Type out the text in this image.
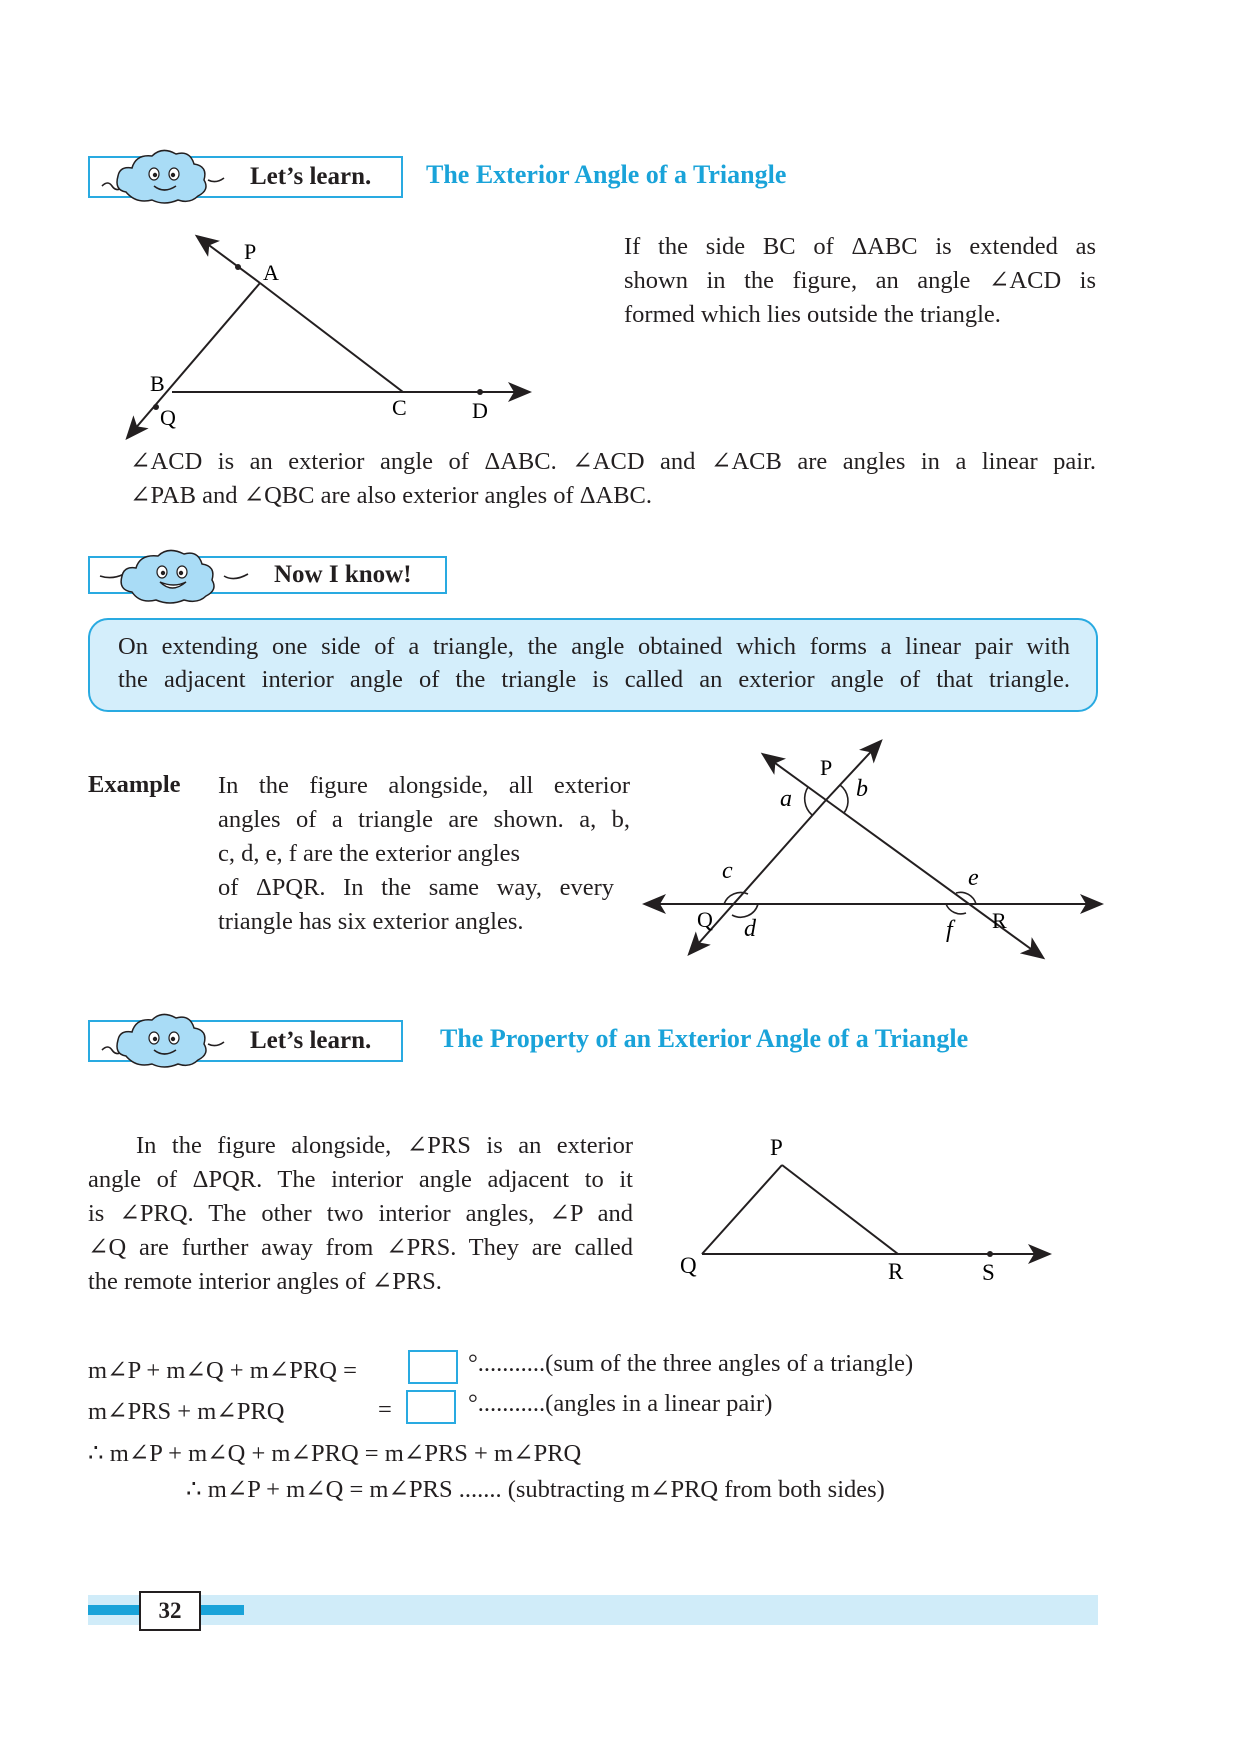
Let’s learn. The Exterior Angle of a Triangle
P
A
B
Q	C	D
If the side BC of ΔABC is extended as
shown in the figure, an angle ∠ACD is
formed which lies outside the triangle.
∠ACD is an exterior angle of ΔABC. ∠ACD and ∠ACB are angles in a linear pair.
∠PAB and ∠QBC are also exterior angles of ΔABC.
Now I know!
On extending one side of a triangle, the angle obtained which forms a linear pair with
the adjacent interior angle of the triangle is called an exterior angle of that triangle.
Example In the figure alongside, all exterior
angles of a triangle are shown. a, b,
c, d, e, f are the exterior angles
of ΔPQR. In the same way, every
triangle has six exterior angles.
P
Q	R
a	b
c
d
e
f
Let’s learn.	The Property of an Exterior Angle of a Triangle
In the figure alongside, ∠PRS is an exterior
angle of ΔPQR. The interior angle adjacent to it
is ∠PRQ. The other two interior angles, ∠P and
∠Q are further away from ∠PRS. They are called
the remote interior angles of ∠PRS.
P
Q	R	S
m∠P + m∠Q + m∠PRQ =	°...........(sum of the three angles of a triangle)
m∠PRS + m∠PRQ	=	°...........(angles in a linear pair)
∴ m∠P + m∠Q + m∠PRQ = m∠PRS + m∠PRQ
∴ m∠P + m∠Q = m∠PRS ....... (subtracting m∠PRQ from both sides)
32
